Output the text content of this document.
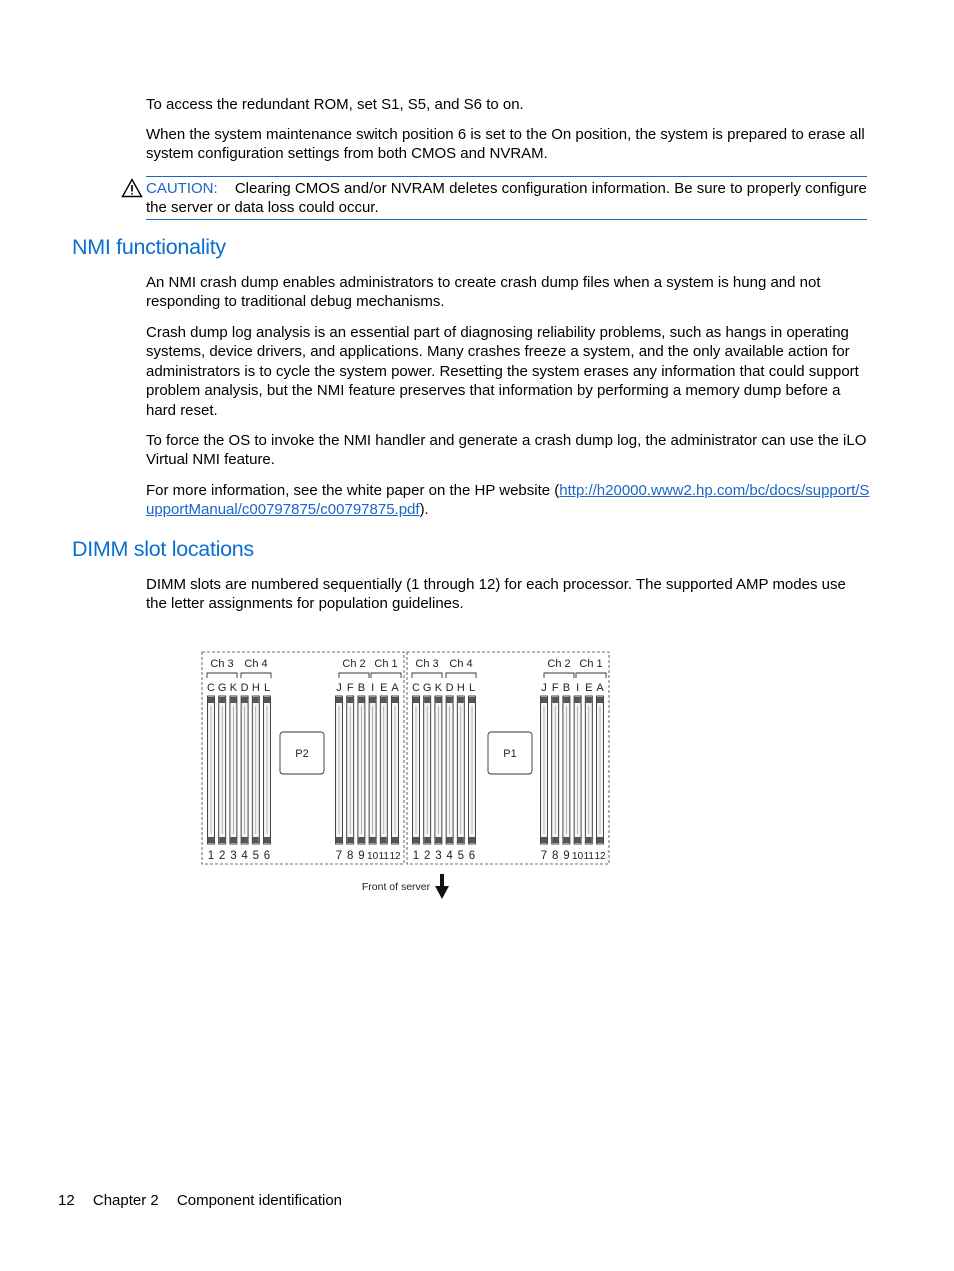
To access the redundant ROM, set S1, S5, and S6 to on.

When the system maintenance switch position 6 is set to the On position, the system is prepared to erase all system configuration settings from both CMOS and NVRAM.

CAUTION: Clearing CMOS and/or NVRAM deletes configuration information. Be sure to properly configure the server or data loss could occur.
NMI functionality

An NMI crash dump enables administrators to create crash dump files when a system is hung and not responding to traditional debug mechanisms.

Crash dump log analysis is an essential part of diagnosing reliability problems, such as hangs in operating systems, device drivers, and applications. Many crashes freeze a system, and the only available action for administrators is to cycle the system power. Resetting the system erases any information that could support problem analysis, but the NMI feature preserves that information by performing a memory dump before a hard reset.

To force the OS to invoke the NMI handler and generate a crash dump log, the administrator can use the iLO Virtual NMI feature.

For more information, see the white paper on the HP website (http://h20000.www2.hp.com/bc/docs/support/SupportManual/c00797875/c00797875.pdf).

DIMM slot locations

DIMM slots are numbered sequentially (1 through 12) for each processor. The supported AMP modes use the letter assignments for population guidelines.

Ch 3 Ch 4	Ch 2 Ch 1
C G K D H L
1 2 3 4 5 6
J F B I E A
7 8 9 10 11 12
P2
Ch 3 Ch 4	Ch 2 Ch 1
C G K D H L
1 2 3 4 5 6
J F B I E A
7 8 9 10 11 12
P1
Front of server
12 Chapter 2 Component identification
